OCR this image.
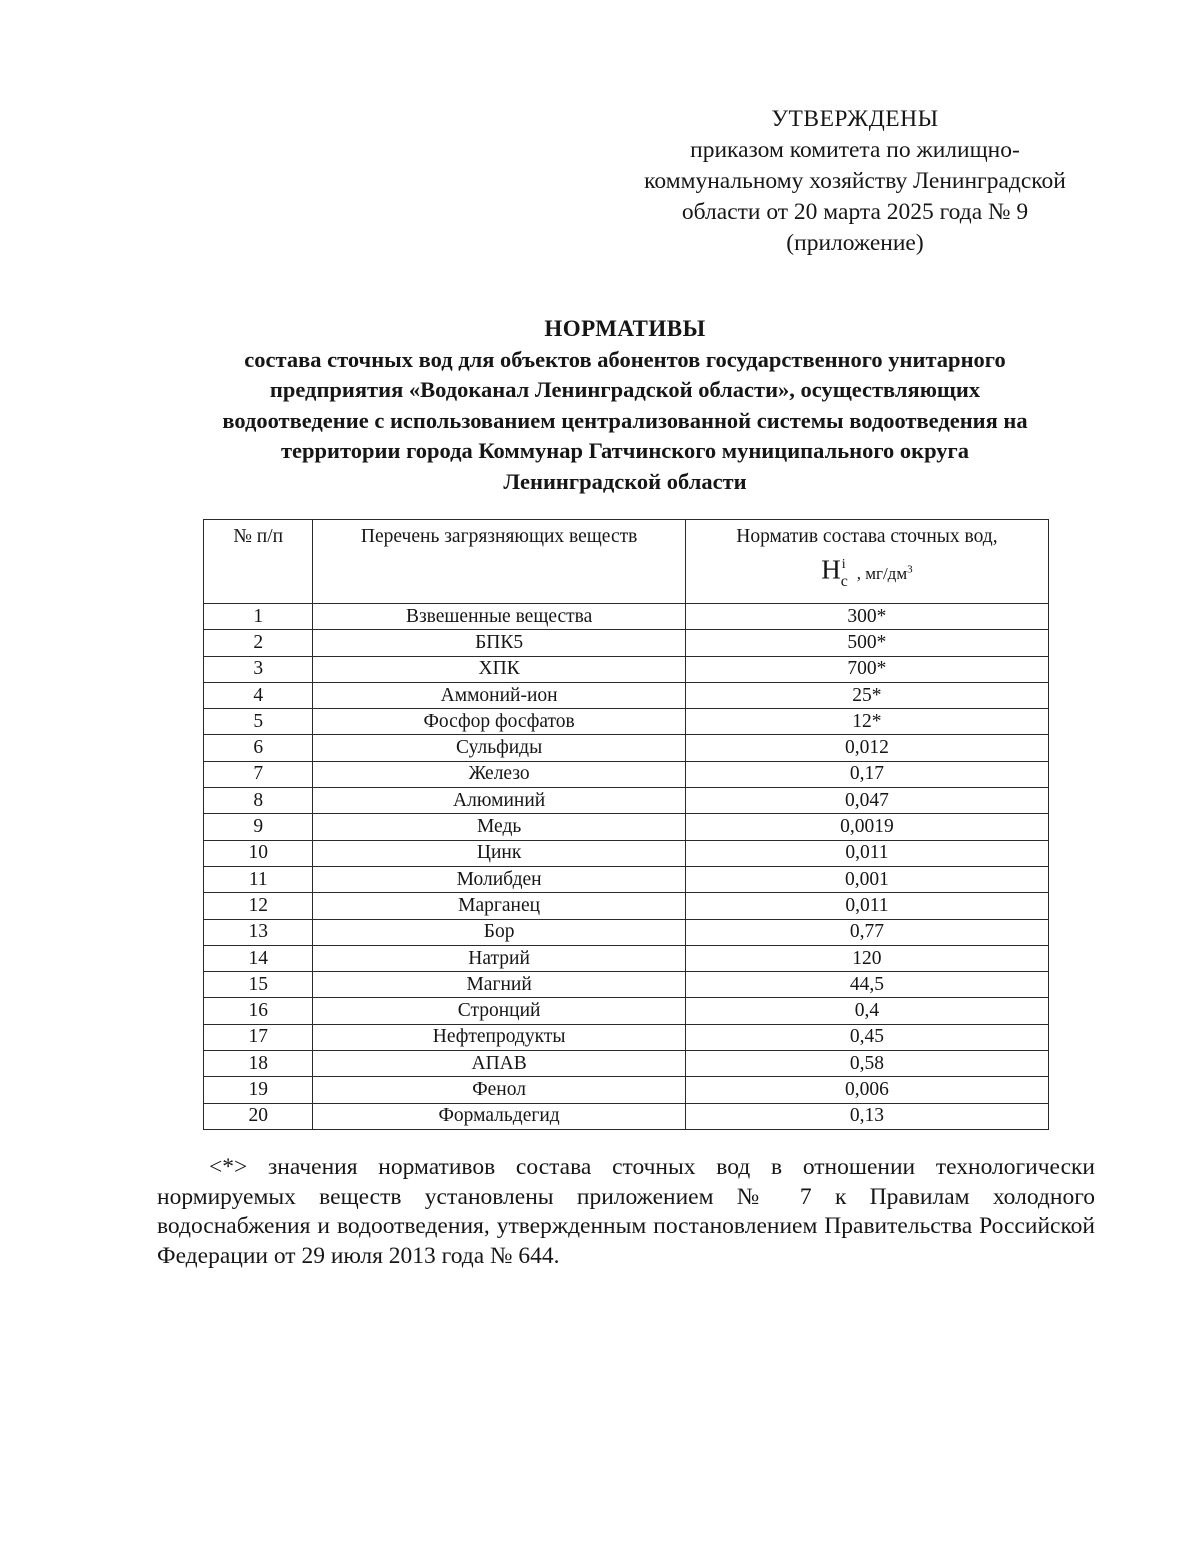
УТВЕРЖДЕНЫ
приказом комитета по жилищно-
коммунальному хозяйству Ленинградской
области от 20 марта 2025 года № 9
(приложение)
НОРМАТИВЫ
состава сточных вод для объектов абонентов государственного унитарного
предприятия «Водоканал Ленинградской области», осуществляющих
водоотведение с использованием централизованной системы водоотведения на
территории города Коммунар Гатчинского муниципального округа
Ленинградской области
№ п/п	Перечень загрязняющих веществ	Норматив состава сточных вод,
Н i
с , $мг/дм^3$
1	Взвешенные вещества	300*
2	БПК5	500*
3	ХПК	700*
4	Аммоний-ион	25*
5	Фосфор фосфатов	12*
6	Сульфиды	0,012
7	Железо	0,17
8	Алюминий	0,047
9	Медь	0,0019
10	Цинк	0,011
11	Молибден	0,001
12	Марганец	0,011
13	Бор	0,77
14	Натрий	120
15	Магний	44,5
16	Стронций	0,4
17	Нефтепродукты	0,45
18	АПАВ	0,58
19	Фенол	0,006
20	Формальдегид	0,13
<*> значения нормативов состава сточных вод в отношении технологически нормируемых веществ установлены приложением № 7 к Правилам холодного водоснабжения и водоотведения, утвержденным постановлением Правительства Российской Федерации от 29 июля 2013 года № 644.
